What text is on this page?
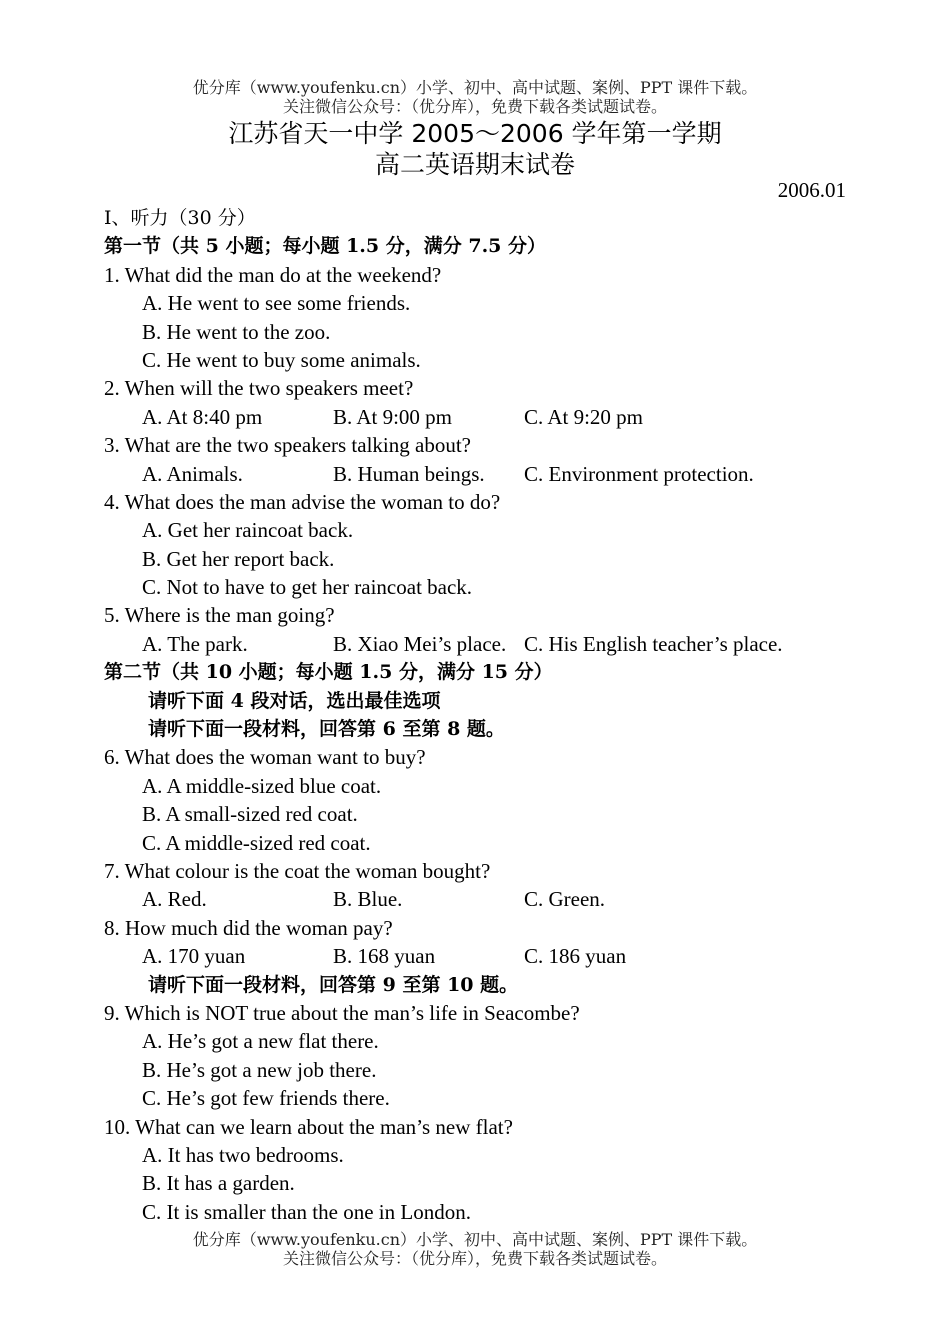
优分库（www.youfenku.cn）小学、初中、高中试题、案例、PPT 课件下载。
关注微信公众号：（优分库），免费下载各类试题试卷。
江苏省天一中学 2005～2006 学年第一学期
高二英语期末试卷
2006.01
Ⅰ、听力（30 分）
第一节（共 5 小题；每小题 1.5 分，满分 7.5 分）
1. What did the man do at the weekend?
A. He went to see some friends.
B. He went to the zoo.
C. He went to buy some animals.
2. When will the two speakers meet?
A. At 8:40 pm	B. At 9:00 pm	C. At 9:20 pm
3. What are the two speakers talking about?
A. Animals.	B. Human beings.	C. Environment protection.
4. What does the man advise the woman to do?
A. Get her raincoat back.
B. Get her report back.
C. Not to have to get her raincoat back.
5. Where is the man going?
A. The park.	B. Xiao Mei’s place. C. His English teacher’s place.
第二节（共 10 小题；每小题 1.5 分，满分 15 分）
请听下面 4 段对话，选出最佳选项
请听下面一段材料，回答第 6 至第 8 题。
6. What does the woman want to buy?
A. A middle-sized blue coat.
B. A small-sized red coat.
C. A middle-sized red coat.
7. What colour is the coat the woman bought?
A. Red.	B. Blue.	C. Green.
8. How much did the woman pay?
A. 170 yuan	B. 168 yuan	C. 186 yuan
请听下面一段材料，回答第 9 至第 10 题。
9. Which is NOT true about the man’s life in Seacombe?
A. He’s got a new flat there.
B. He’s got a new job there.
C. He’s got few friends there.
10. What can we learn about the man’s new flat?
A. It has two bedrooms.
B. It has a garden.
C. It is smaller than the one in London.
优分库（www.youfenku.cn）小学、初中、高中试题、案例、PPT 课件下载。
关注微信公众号：（优分库），免费下载各类试题试卷。
